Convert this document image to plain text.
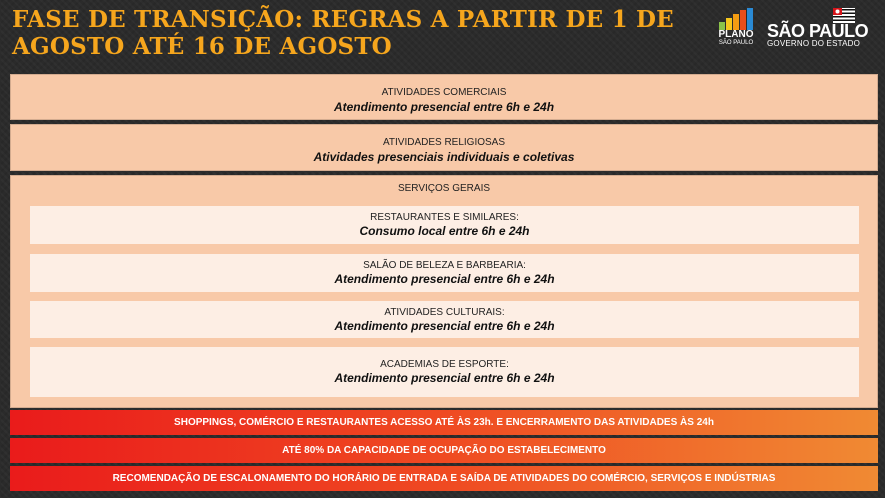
FASE DE TRANSIÇÃO: REGRAS A PARTIR DE 1 DE AGOSTO ATÉ 16 DE AGOSTO	PLANO
SÃO PAULO
SÃO PAULO
GOVERNO DO ESTADO
ATIVIDADES COMERCIAIS
Atendimento presencial entre 6h e 24h
ATIVIDADES RELIGIOSAS
Atividades presenciais individuais e coletivas
SERVIÇOS GERAIS
RESTAURANTES E SIMILARES:
Consumo local entre 6h e 24h
SALÃO DE BELEZA E BARBEARIA:
Atendimento presencial entre 6h e 24h
ATIVIDADES CULTURAIS:
Atendimento presencial entre 6h e 24h
ACADEMIAS DE ESPORTE:
Atendimento presencial entre 6h e 24h
SHOPPINGS, COMÉRCIO E RESTAURANTES ACESSO ATÉ ÀS 23h. E ENCERRAMENTO DAS ATIVIDADES ÀS 24h
ATÉ 80% DA CAPACIDADE DE OCUPAÇÃO DO ESTABELECIMENTO
RECOMENDAÇÃO DE ESCALONAMENTO DO HORÁRIO DE ENTRADA E SAÍDA DE ATIVIDADES DO COMÉRCIO, SERVIÇOS E INDÚSTRIAS
